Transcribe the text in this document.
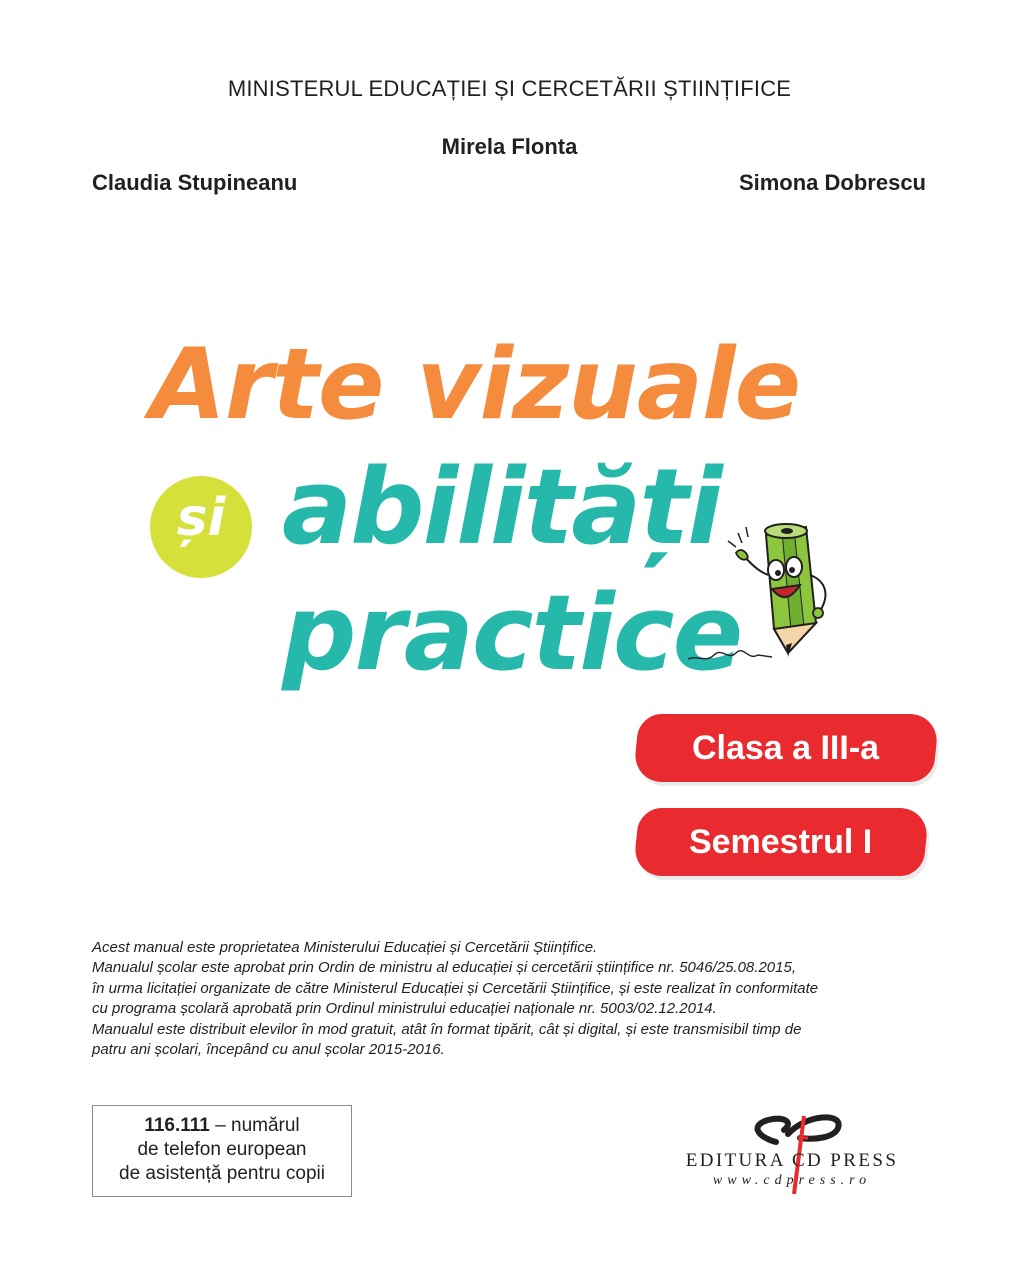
MINISTERUL EDUCAȚIEI ȘI CERCETĂRII ȘTIINȚIFICE
Mirela Flonta
Claudia Stupineanu	Simona Dobrescu
Arte vizuale
și abilități
practice
Clasa a III-a
Semestrul I
Acest manual este proprietatea Ministerului Educației și Cercetării Științifice.
Manualul școlar este aprobat prin Ordin de ministru al educației și cercetării științifice nr. 5046/25.08.2015,
în urma licitației organizate de către Ministerul Educației și Cercetării Științifice, și este realizat în conformitate
cu programa școlară aprobată prin Ordinul ministrului educației naționale nr. 5003/02.12.2014.
Manualul este distribuit elevilor în mod gratuit, atât în format tipărit, cât și digital, și este transmisibil timp de
patru ani școlari, începând cu anul școlar 2015-2016.
116.111 – numărul
de telefon european
de asistență pentru copii
EDITURA CD PRESS
www.cdpress.ro
